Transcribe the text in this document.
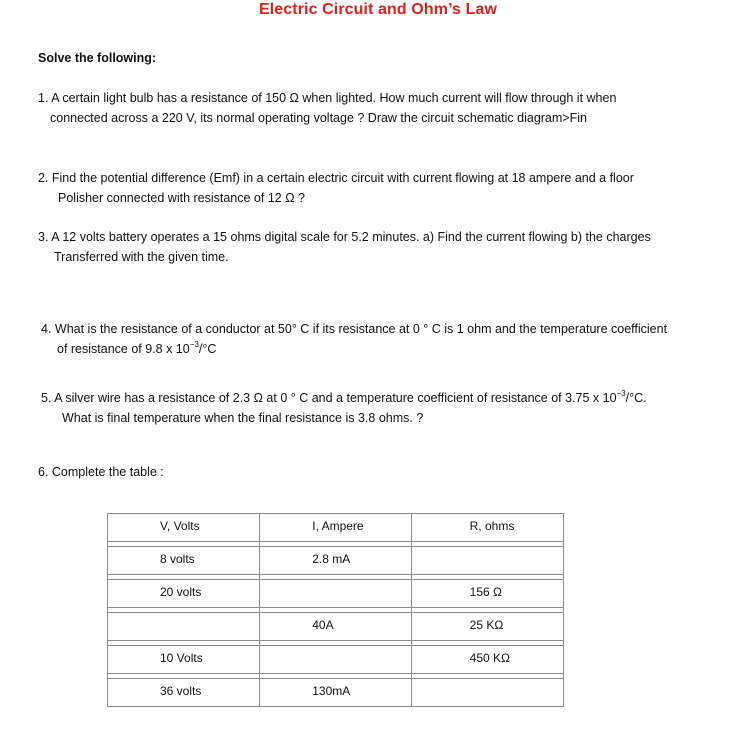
Electric Circuit and Ohm’s Law
Solve the following:
1. A certain light bulb has a resistance of 150 Ω when lighted. How much current will flow through it when
connected across a 220 V, its normal operating voltage ? Draw the circuit schematic diagram>Fin
2. Find the potential difference (Emf) in a certain electric circuit with current flowing at 18 ampere and a floor
Polisher connected with resistance of 12 Ω ?
3. A 12 volts battery operates a 15 ohms digital scale for 5.2 minutes. a) Find the current flowing b) the charges
Transferred with the given time.
4. What is the resistance of a conductor at 50° C if its resistance at 0 ° C is 1 ohm and the temperature coefficient
of resistance of 9.8 x $10^{-3}/^\circ C$
5. A silver wire has a resistance of 2.3 Ω at 0 ° C and a temperature coefficient of resistance of 3.75 x $10^{-3}/^\circ C$.
What is final temperature when the final resistance is 3.8 ohms. ?
6. Complete the table :
V, Volts	I, Ampere	R, ohms

8 volts	2.8 mA	

20 volts		156 Ω

	40A	25 KΩ

10 Volts		450 KΩ

36 volts	130mA	
